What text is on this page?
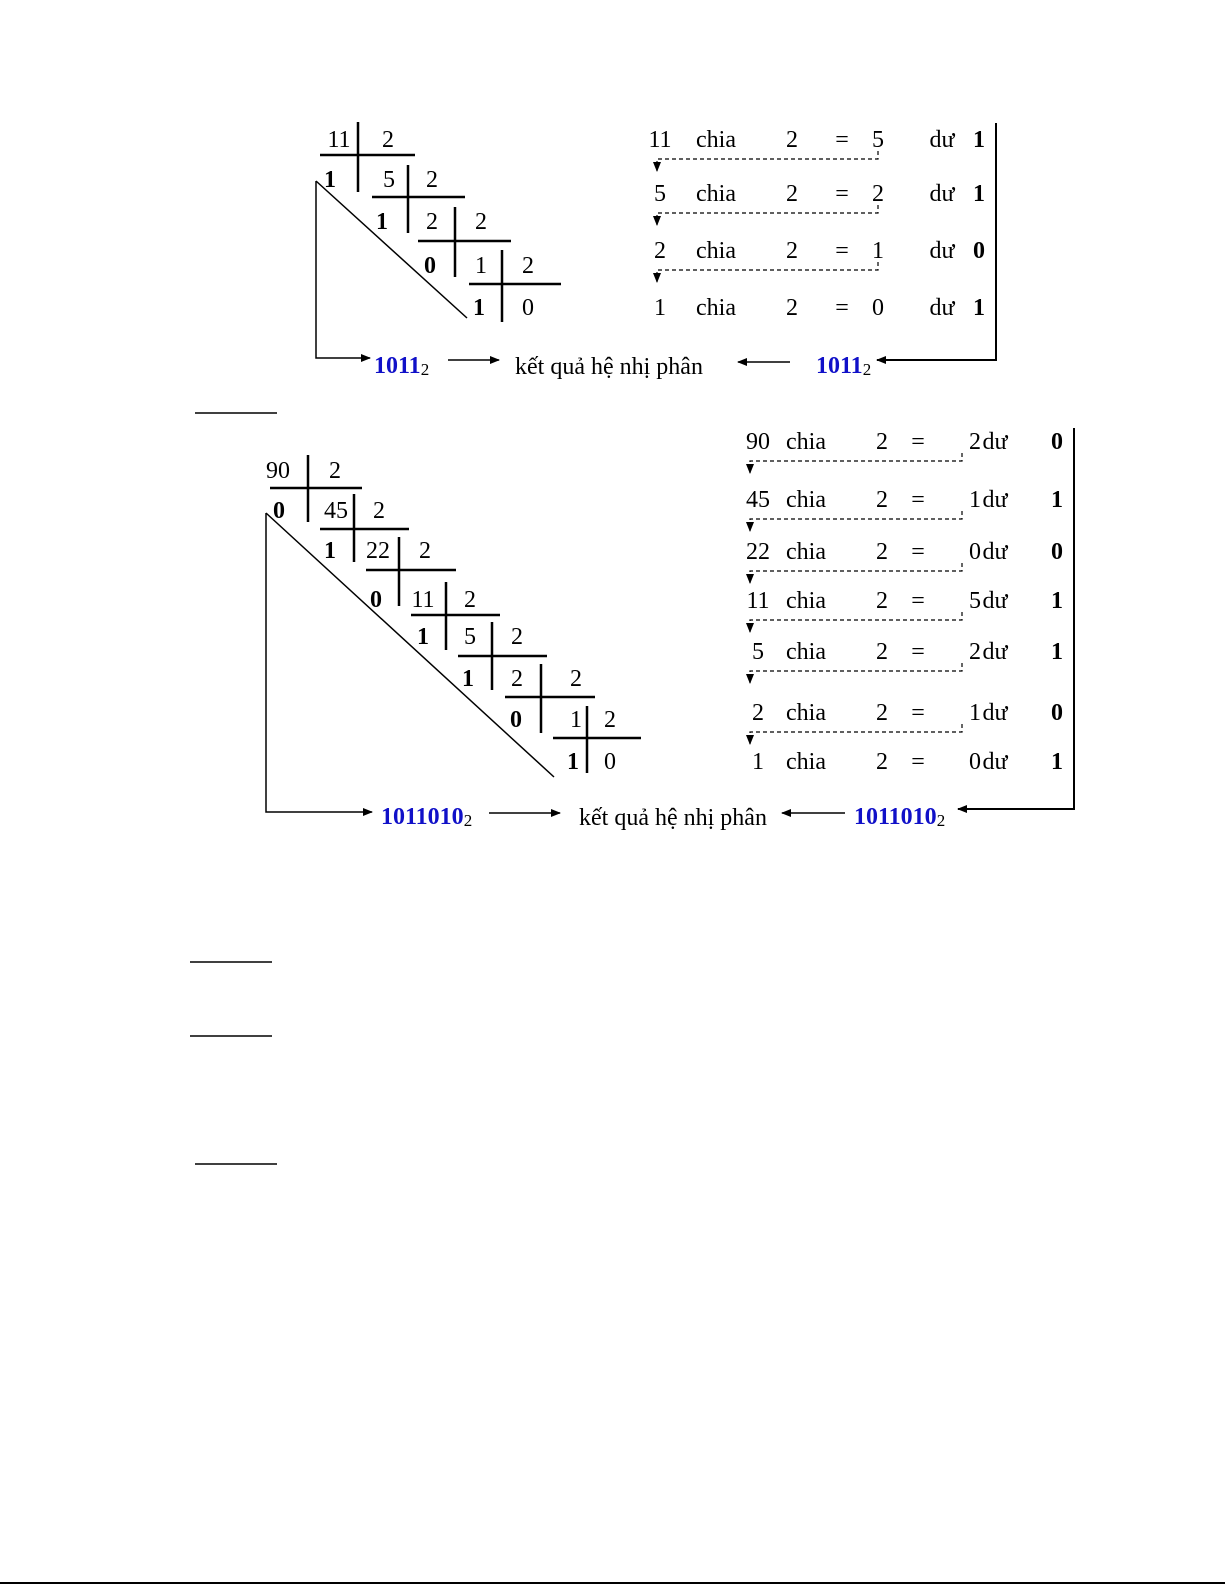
11 2
1 5 2
1 2 2
0 1 2
1 0
10112	kết quả hệ nhị phân	10112
11 chia 2 = 5 dư 1
5 chia 2 = 2 dư 1
2 chia 2 = 1 dư 0
1 chia 2 = 0 dư 1
90 2
0 45 2
1 22 2
0 11 2
1 5 2
1 2 2
0 1 2
1 0
10110102	kết quả hệ nhị phân	10110102
90 chia 2 = 2 dư 0
45 chia 2 = 1 dư 1
22 chia 2 = 0 dư 0
11 chia 2 = 5 dư 1
5 chia 2 = 2 dư 1
2 chia 2 = 1 dư 0
1 chia 2 = 0 dư 1
